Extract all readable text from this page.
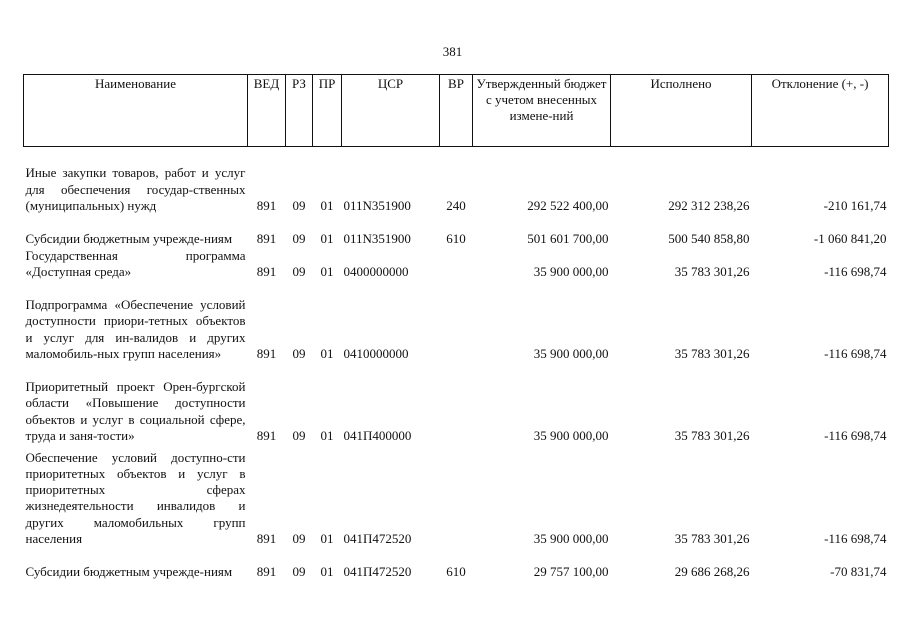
381
Наименование	ВЕД	РЗ	ПР	ЦСР	ВР	Утвержденный бюджет с учетом внесенных измене-ний	Исполнено	Отклонение (+, -)

Иные закупки товаров, работ и услуг для обеспечения государ-ственных (муниципальных) нужд	891	09	01	011N351900	240	292 522 400,00	292 312 238,26	-210 161,74
Субсидии бюджетным учрежде-ниям	891	09	01	011N351900	610	501 601 700,00	500 540 858,80	-1 060 841,20
Государственная программа «Доступная среда»	891	09	01	0400000000		35 900 000,00	35 783 301,26	-116 698,74
Подпрограмма «Обеспечение условий доступности приори-тетных объектов и услуг для ин-валидов и других маломобиль-ных групп населения»	891	09	01	0410000000		35 900 000,00	35 783 301,26	-116 698,74
Приоритетный проект Орен-бургской области «Повышение доступности объектов и услуг в социальной сфере, труда и заня-тости»	891	09	01	041П400000		35 900 000,00	35 783 301,26	-116 698,74
Обеспечение условий доступно-сти приоритетных объектов и услуг в приоритетных сферах жизнедеятельности инвалидов и других маломобильных групп населения	891	09	01	041П472520		35 900 000,00	35 783 301,26	-116 698,74
Субсидии бюджетным учрежде-ниям	891	09	01	041П472520	610	29 757 100,00	29 686 268,26	-70 831,74
